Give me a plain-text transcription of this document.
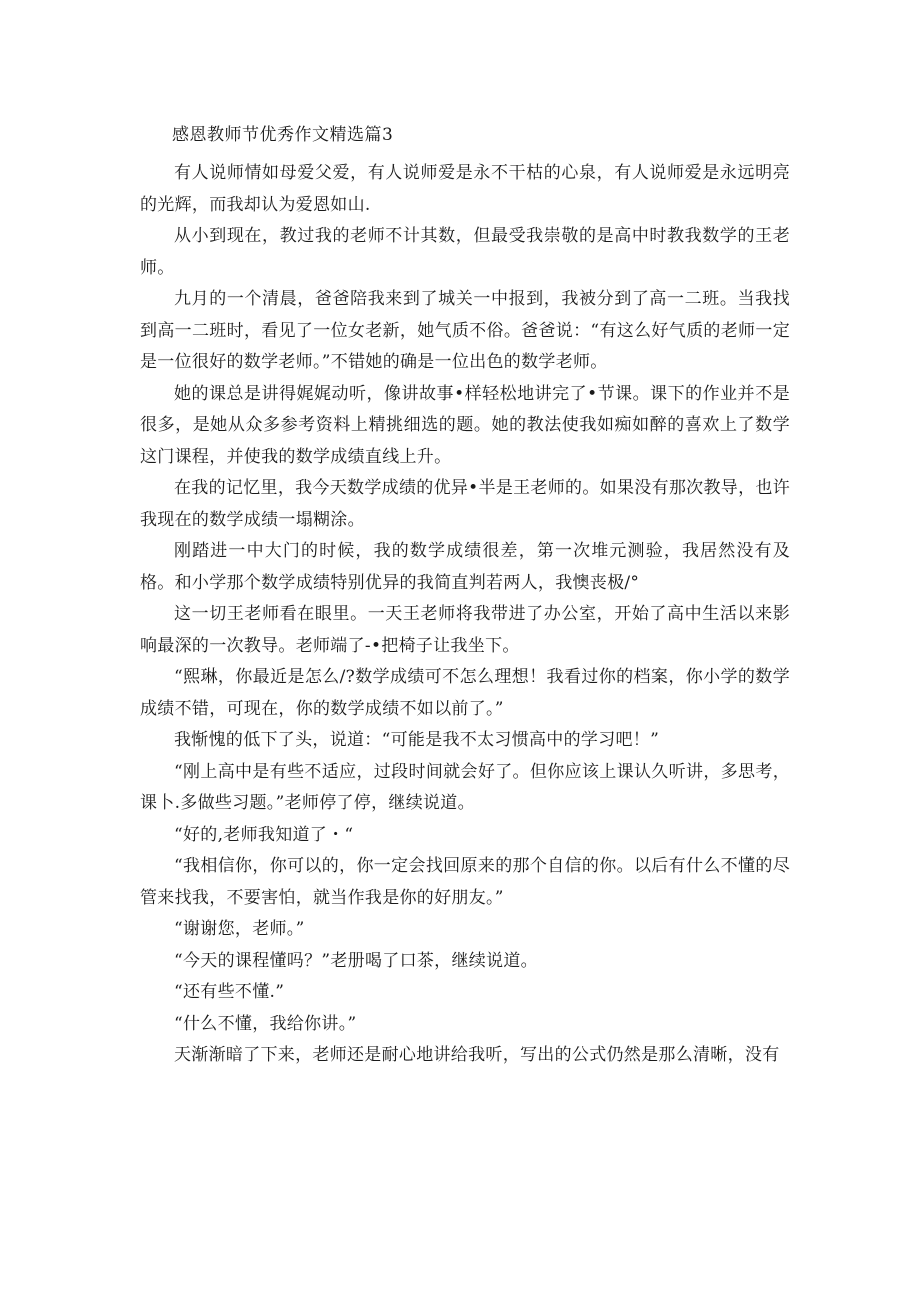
感恩教师节优秀作文精选篇3

有人说师情如母爱父爱，有人说师爱是永不干枯的心泉，有人说师爱是永远明亮的光辉，而我却认为爱恩如山.

从小到现在，教过我的老师不计其数，但最受我崇敬的是高中时教我数学的王老师。

九月的一个清晨，爸爸陪我来到了城关一中报到，我被分到了高一二班。当我找到高一二班时，看见了一位女老新，她气质不俗。爸爸说：“有这么好气质的老师一定是一位很好的数学老师。”不错她的确是一位出色的数学老师。

她的课总是讲得娓娓动听，像讲故事•样轻松地讲完了•节课。课下的作业并不是很多，是她从众多参考资料上精挑细选的题。她的教法使我如痴如醉的喜欢上了数学这门课程，并使我的数学成绩直线上升。

在我的记忆里，我今天数学成绩的优异•半是王老师的。如果没有那次教导，也许我现在的数学成绩一塌糊涂。

刚踏进一中大门的时候，我的数学成绩很差，第一次堆元测验，我居然没有及格。和小学那个数学成绩特别优异的我简直判若两人，我懊丧极/°

这一切王老师看在眼里。一天王老师将我带进了办公室，开始了高中生活以来影响最深的一次教导。老师端了-•把椅子让我坐下。

“熙琳，你最近是怎么/?数学成绩可不怎么理想！我看过你的档案，你小学的数学成绩不错，可现在，你的数学成绩不如以前了。”

我惭愧的低下了头，说道：“可能是我不太习惯高中的学习吧！”

“刚上高中是有些不适应，过段时间就会好了。但你应该上课认久听讲，多思考，课卜.多做些习题。”老师停了停，继续说道。

“好的,老师我知道了・“

“我相信你，你可以的，你一定会找回原来的那个自信的你。以后有什么不懂的尽管来找我，不要害怕，就当作我是你的好朋友。”

“谢谢您，老师。”

“今天的课程懂吗？”老册喝了口茶，继续说道。

“还有些不懂.”

“什么不懂，我给你讲。”

天渐渐暗了下来，老师还是耐心地讲给我听，写出的公式仍然是那么清晰，没有
